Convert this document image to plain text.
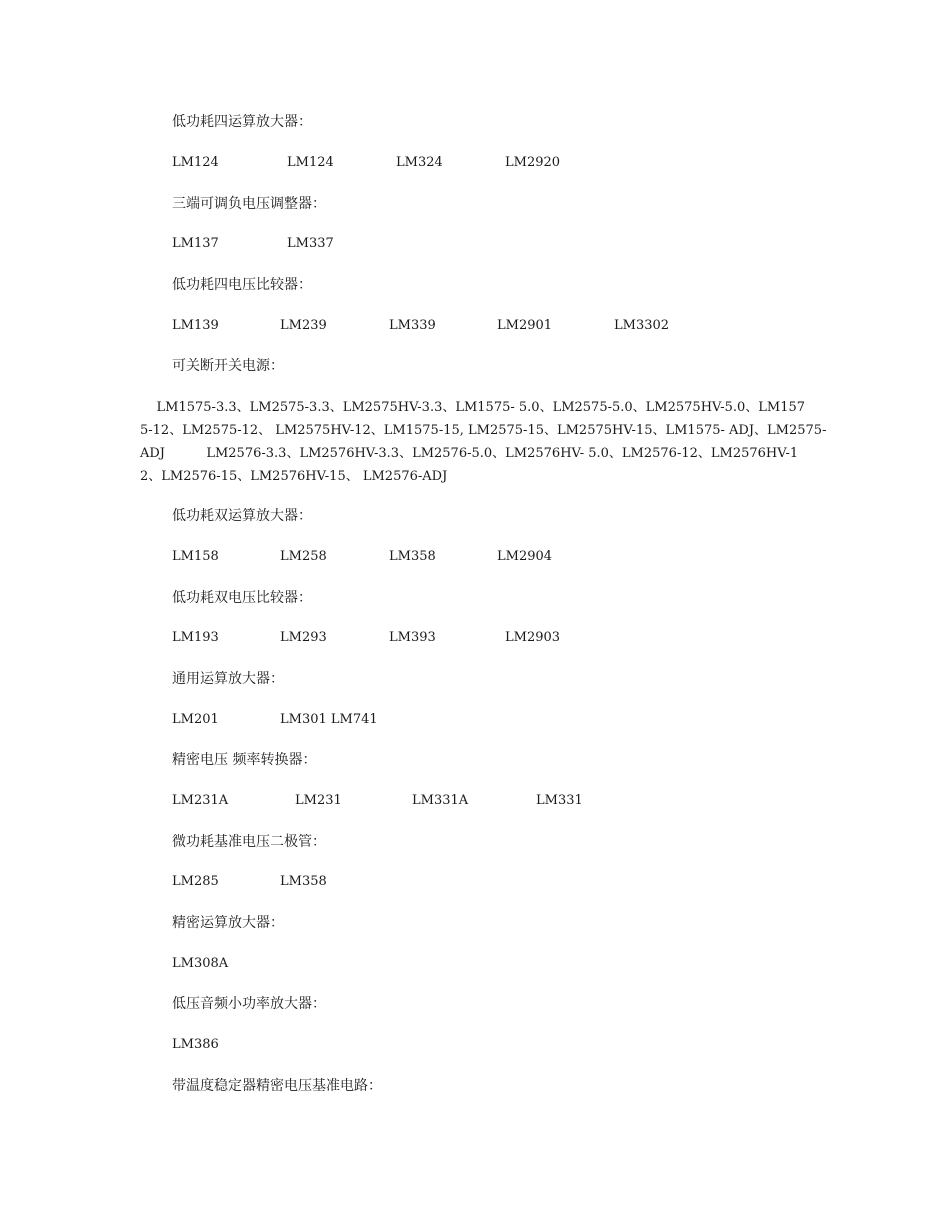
低功耗四运算放大器：
LM124	LM124	LM324	LM2920
三端可调负电压调整器：
LM137	LM337
低功耗四电压比较器：
LM139	LM239	LM339	LM2901	LM3302
可关断开关电源：
LM1575-3.3、LM2575-3.3、LM2575HV-3.3、LM1575- 5.0、LM2575-5.0、LM2575HV-5.0、LM157
5-12、LM2575-12、 LM2575HV-12、LM1575-15, LM2575-15、LM2575HV-15、LM1575- ADJ、LM2575-
ADJ          LM2576-3.3、LM2576HV-3.3、LM2576-5.0、LM2576HV- 5.0、LM2576-12、LM2576HV-1
2、LM2576-15、LM2576HV-15、 LM2576-ADJ
低功耗双运算放大器：
LM158	LM258	LM358	LM2904
低功耗双电压比较器：
LM193	LM293	LM393	LM2903
通用运算放大器：
LM201	LM301 LM741
精密电压 频率转换器：
LM231A	LM231	LM331A	LM331
微功耗基准电压二极管：
LM285	LM358
精密运算放大器：
LM308A
低压音频小功率放大器：
LM386
带温度稳定器精密电压基准电路：
